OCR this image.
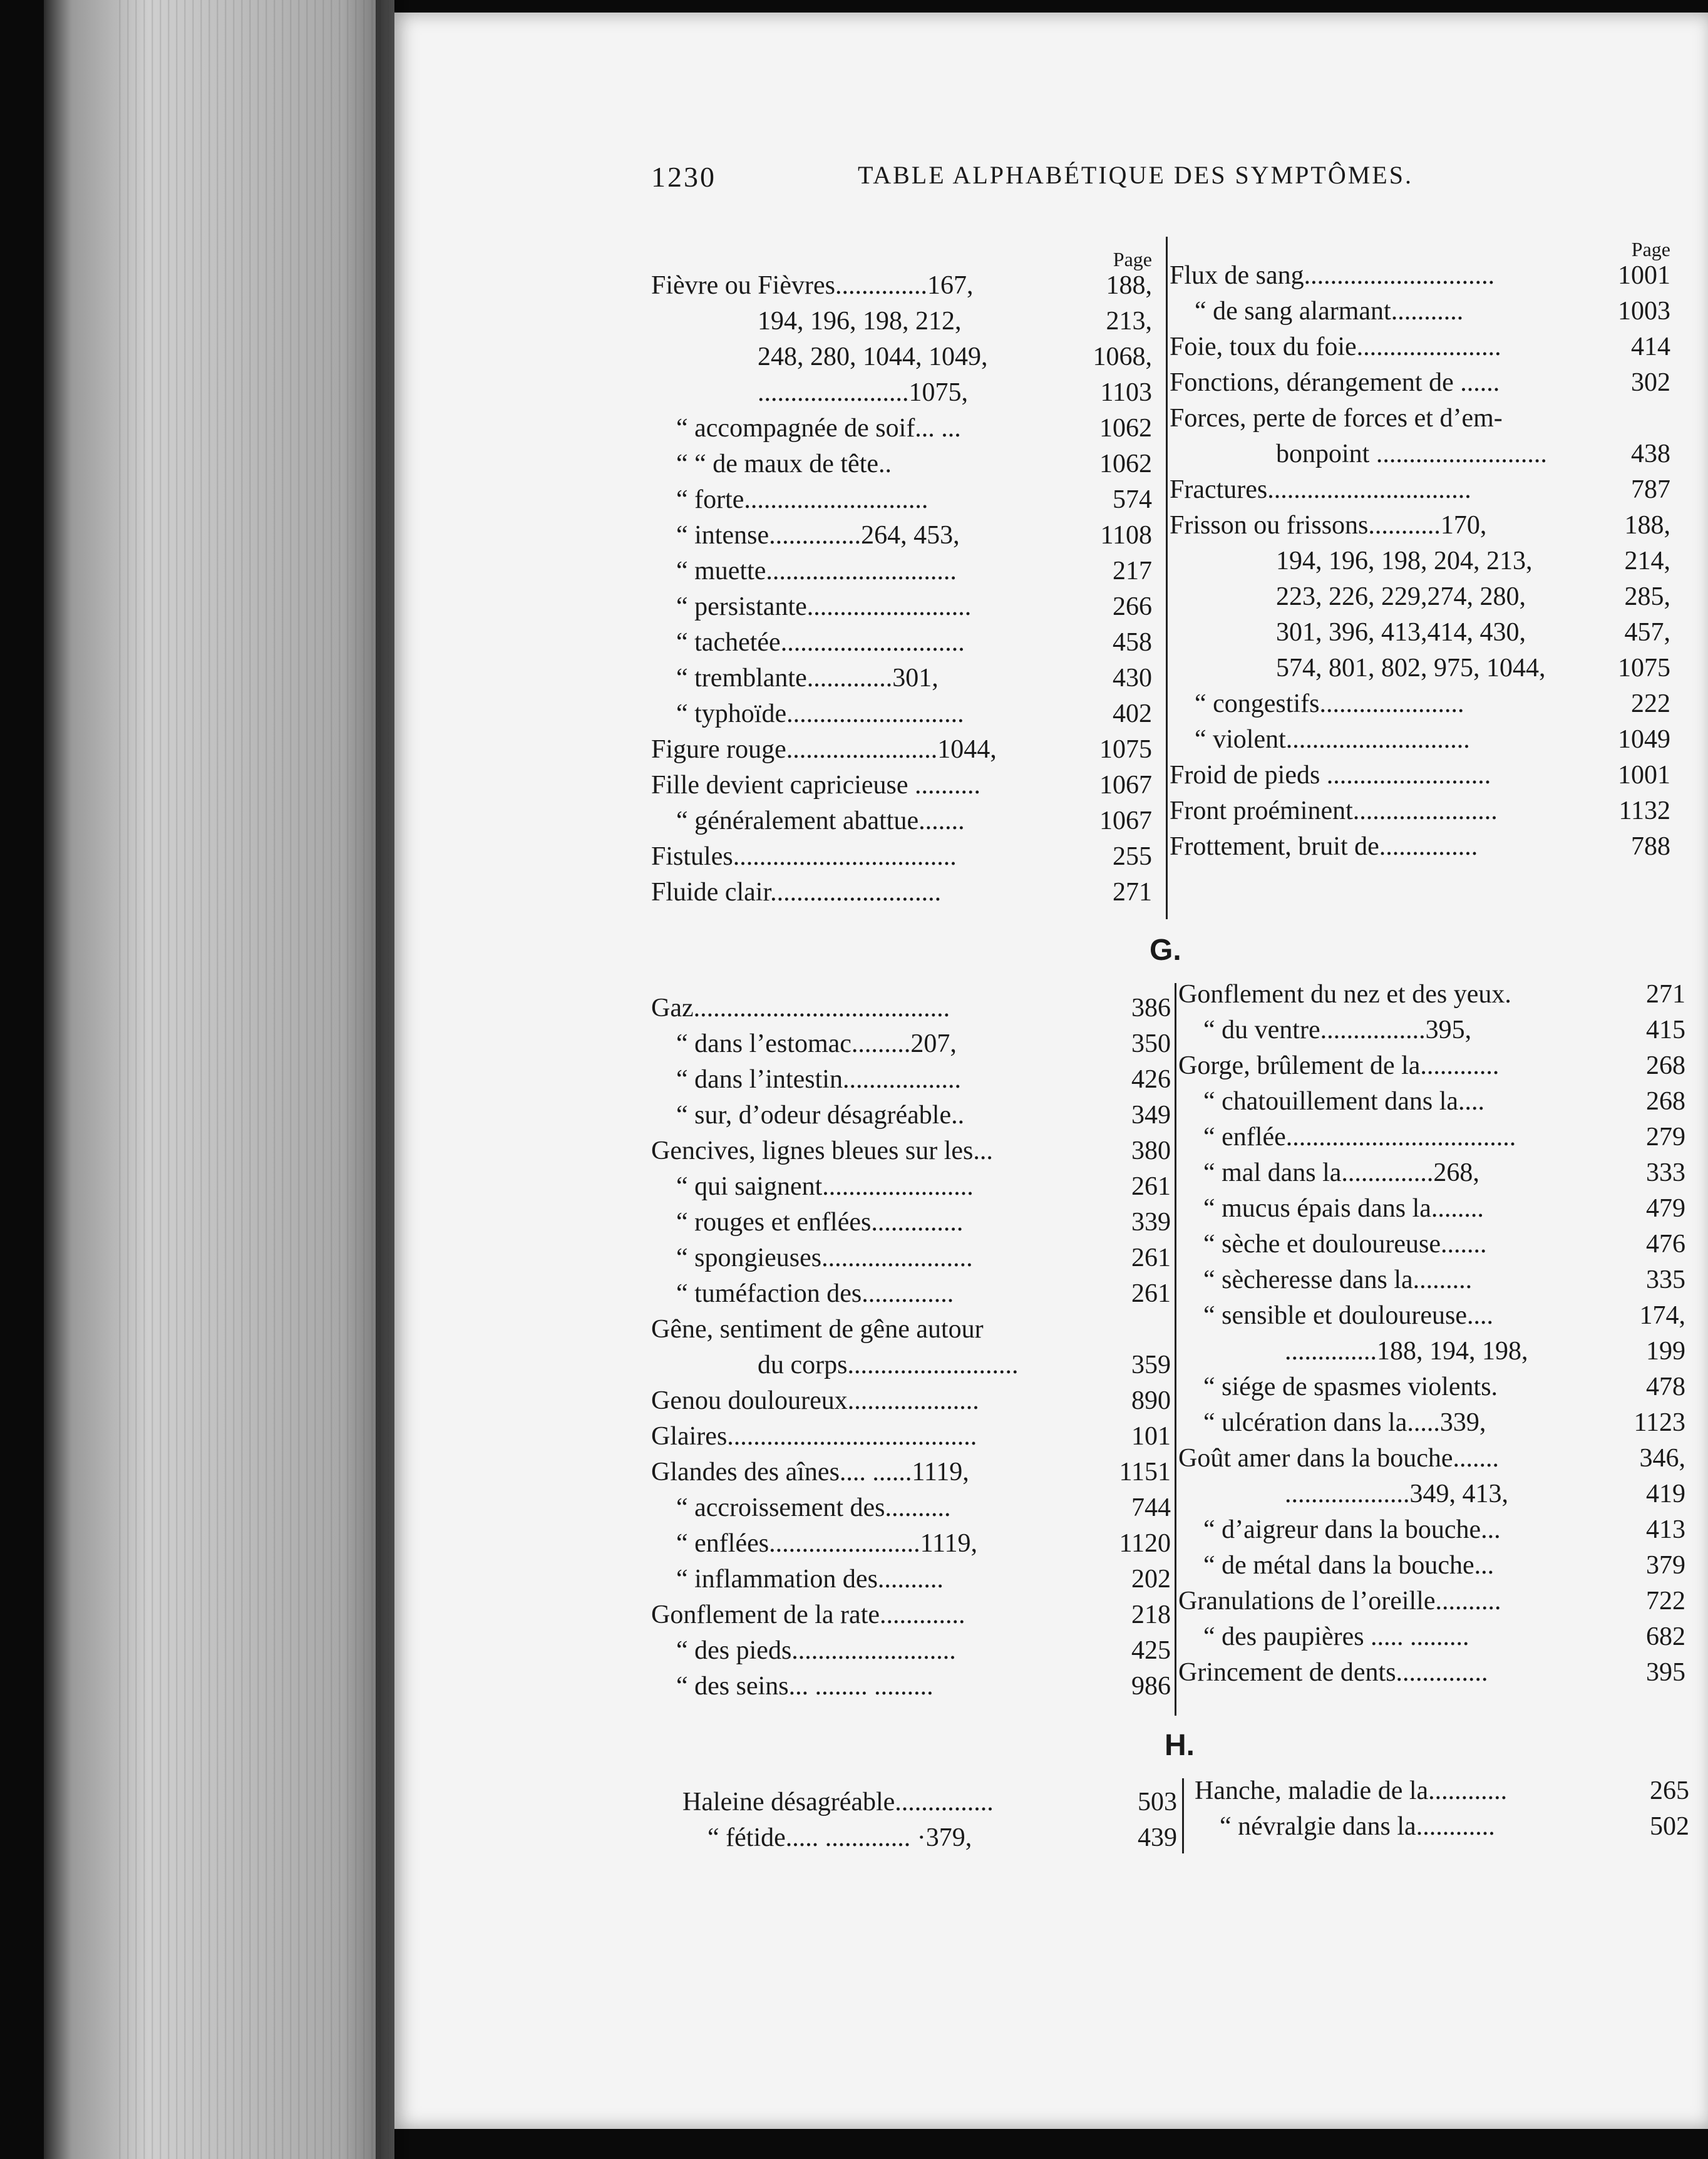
1230	TABLE ALPHABÉTIQUE DES SYMPTÔMES.
Page
Fièvre ou Fièvres..............167,	188,
194, 196, 198, 212,	213,
248, 280, 1044, 1049,	1068,
.......................1075,	1103
“ accompagnée de soif... ...	1062
“ “ de maux de tête..	1062
“ forte............................	574
“ intense..............264, 453,	1108
“ muette.............................	217
“ persistante.........................	266
“ tachetée............................	458
“ tremblante.............301,	430
“ typhoïde...........................	402
Figure rouge.......................1044,	1075
Fille devient capricieuse ..........	1067
“ généralement abattue.......	1067
Fistules..................................	255
Fluide clair..........................	271
Page
Flux de sang.............................	1001
“ de sang alarmant...........	1003
Foie, toux du foie......................	414
Fonctions, dérangement de ......	302
Forces, perte de forces et d’em-
bonpoint ..........................	438
Fractures...............................	787
Frisson ou frissons...........170,	188,
194, 196, 198, 204, 213,	214,
223, 226, 229,274, 280,	285,
301, 396, 413,414, 430,	457,
574, 801, 802, 975, 1044,	1075
“ congestifs......................	222
“ violent............................	1049
Froid de pieds .........................	1001
Front proéminent......................	1132
Frottement, bruit de...............	788
G.
Gaz.......................................	386
“ dans l’estomac.........207,	350
“ dans l’intestin..................	426
“ sur, d’odeur désagréable..	349
Gencives, lignes bleues sur les...	380
“ qui saignent.......................	261
“ rouges et enflées..............	339
“ spongieuses.......................	261
“ tuméfaction des..............	261
Gêne, sentiment de gêne autour
du corps..........................	359
Genou douloureux....................	890
Glaires......................................	101
Glandes des aînes.... ......1119,	1151
“ accroissement des..........	744
“ enflées.......................1119,	1120
“ inflammation des..........	202
Gonflement de la rate.............	218
“ des pieds.........................	425
“ des seins... ........ .........	986
Gonflement du nez et des yeux.	271
“ du ventre................395,	415
Gorge, brûlement de la............	268
“ chatouillement dans la....	268
“ enflée...................................	279
“ mal dans la..............268,	333
“ mucus épais dans la........	479
“ sèche et douloureuse.......	476
“ sècheresse dans la.........	335
“ sensible et douloureuse....	174,
..............188, 194, 198,	199
“ siége de spasmes violents.	478
“ ulcération dans la.....339,	1123
Goût amer dans la bouche.......	346,
...................349, 413,	419
“ d’aigreur dans la bouche...	413
“ de métal dans la bouche...	379
Granulations de l’oreille..........	722
“ des paupières ..... .........	682
Grincement de dents..............	395
H.
Haleine désagréable...............	503
“ fétide..... ............. ·379,	439
Hanche, maladie de la............	265
“ névralgie dans la............	502
